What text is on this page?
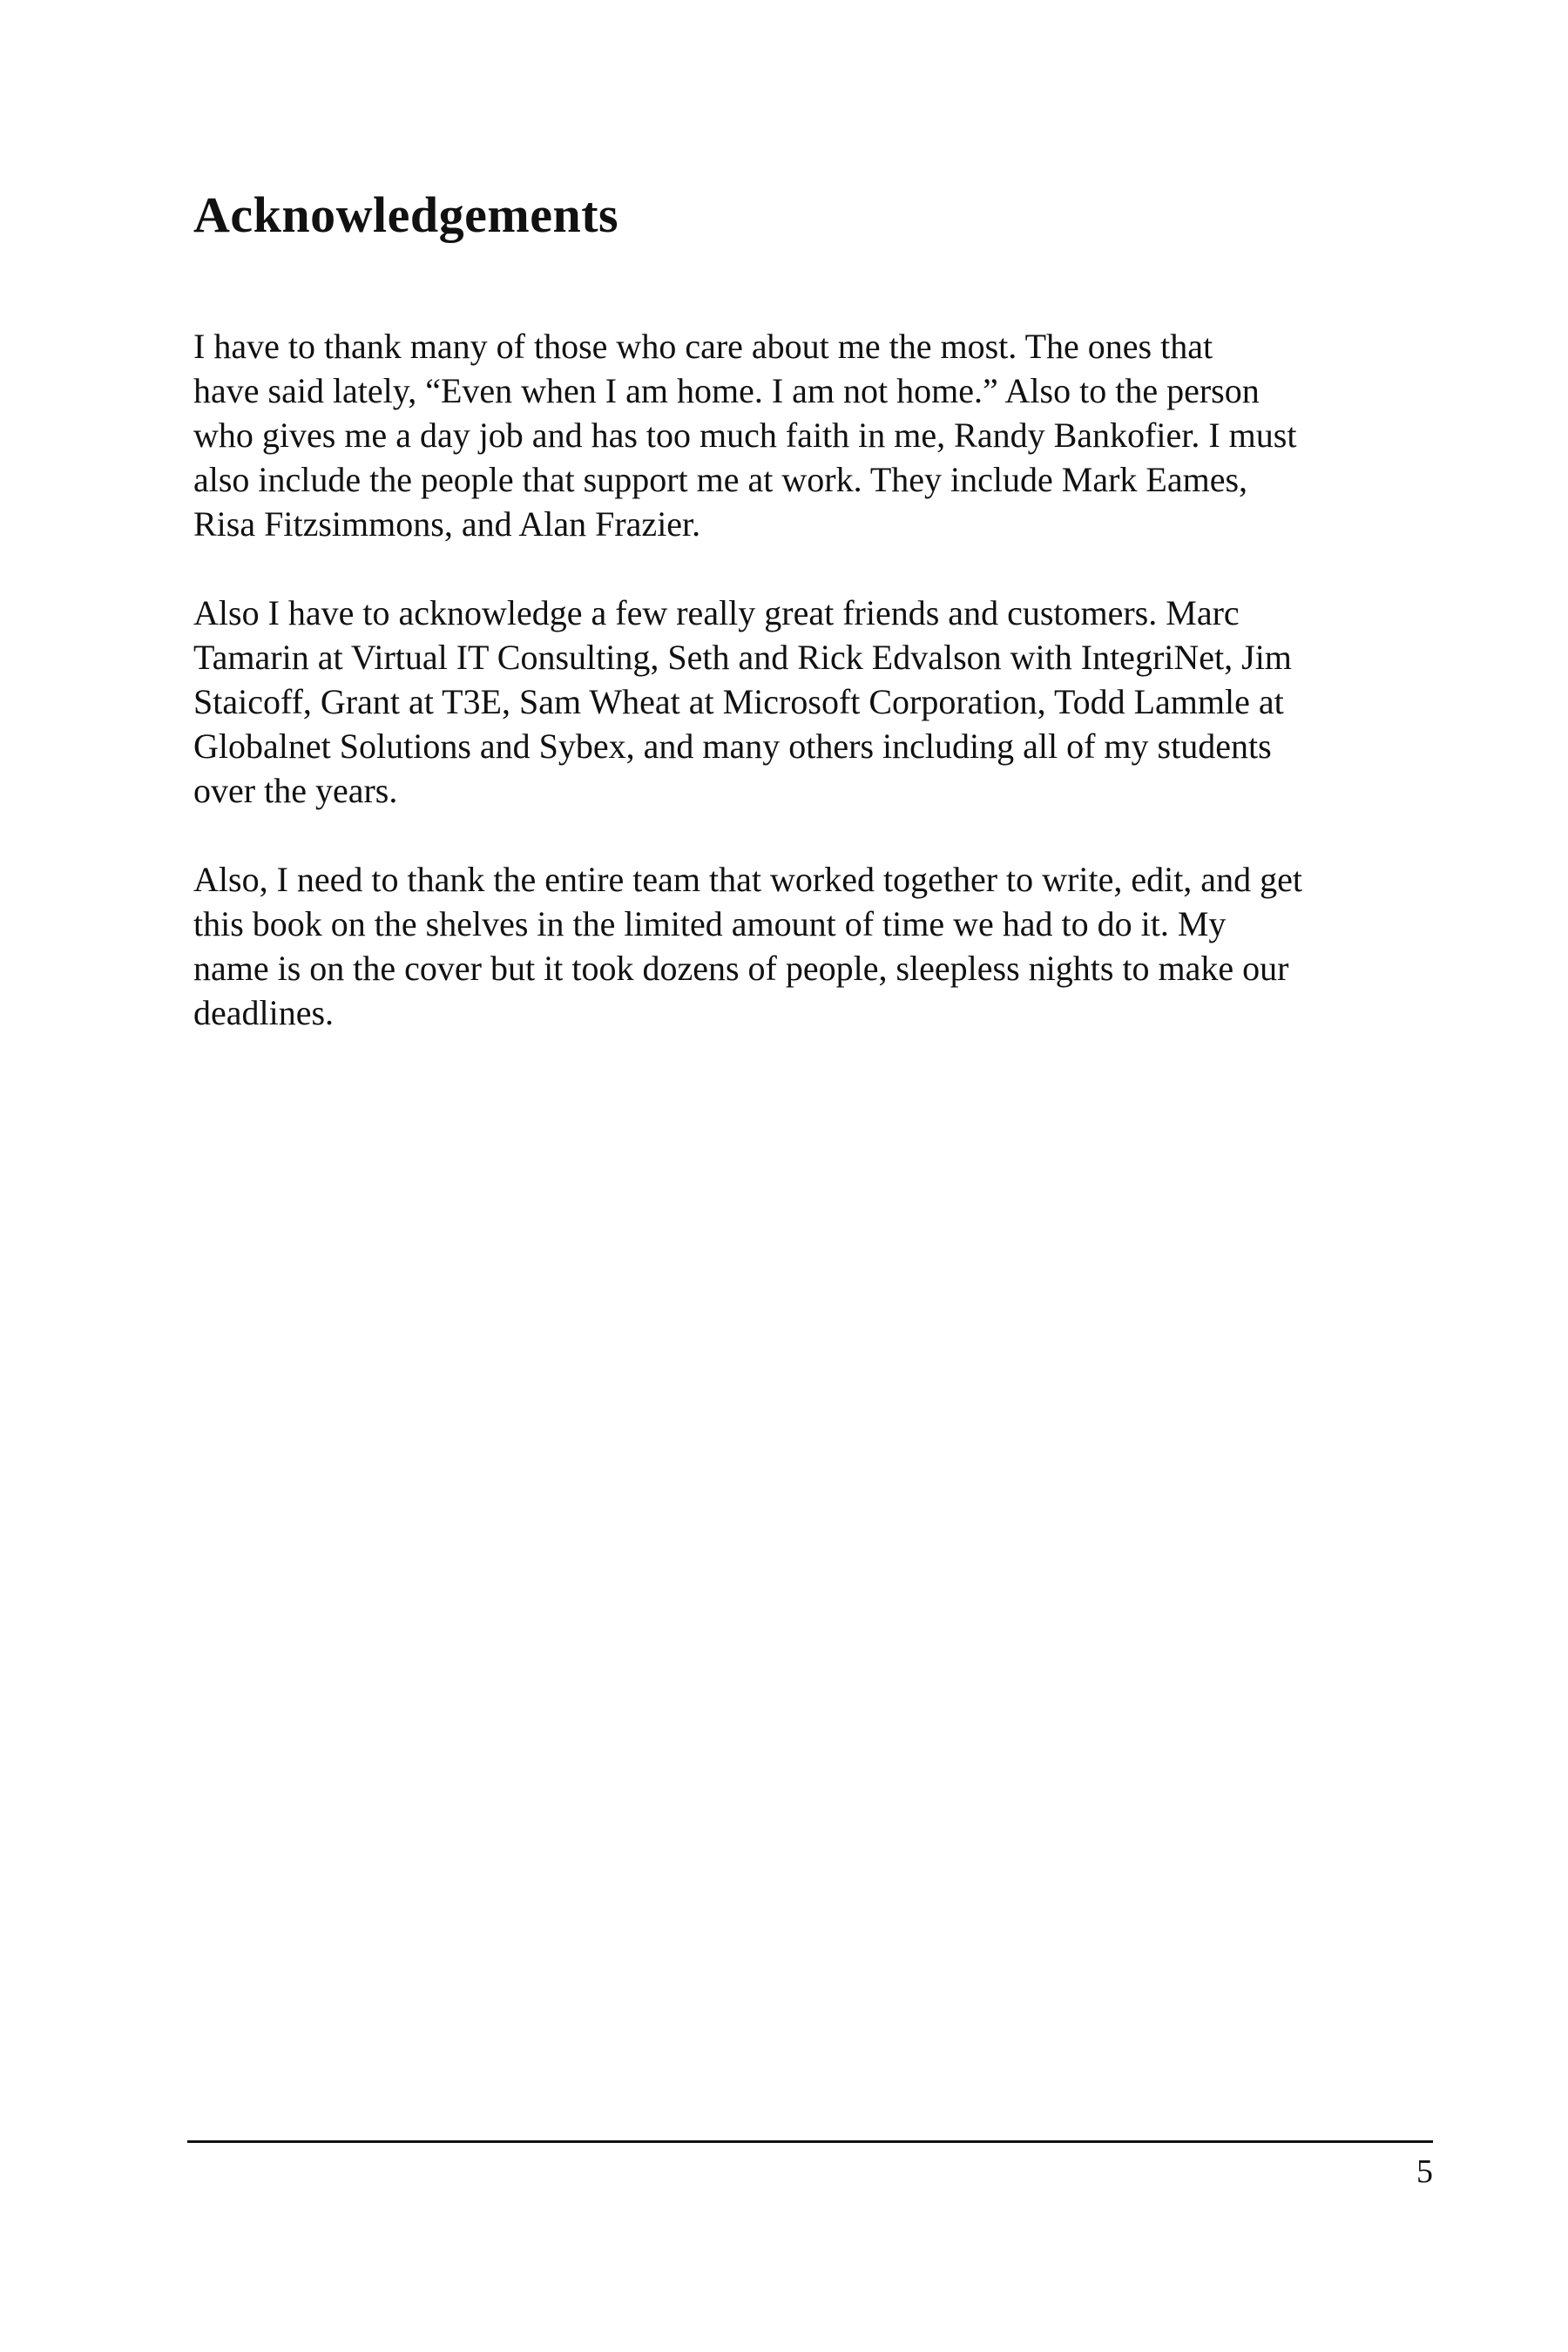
Acknowledgements

I have to thank many of those who care about me the most. The ones that
have said lately, “Even when I am home. I am not home.” Also to the person
who gives me a day job and has too much faith in me, Randy Bankofier. I must
also include the people that support me at work. They include Mark Eames,
Risa Fitzsimmons, and Alan Frazier.

Also I have to acknowledge a few really great friends and customers. Marc
Tamarin at Virtual IT Consulting, Seth and Rick Edvalson with IntegriNet, Jim
Staicoff, Grant at T3E, Sam Wheat at Microsoft Corporation, Todd Lammle at
Globalnet Solutions and Sybex, and many others including all of my students
over the years.

Also, I need to thank the entire team that worked together to write, edit, and get
this book on the shelves in the limited amount of time we had to do it. My
name is on the cover but it took dozens of people, sleepless nights to make our
deadlines.

5
